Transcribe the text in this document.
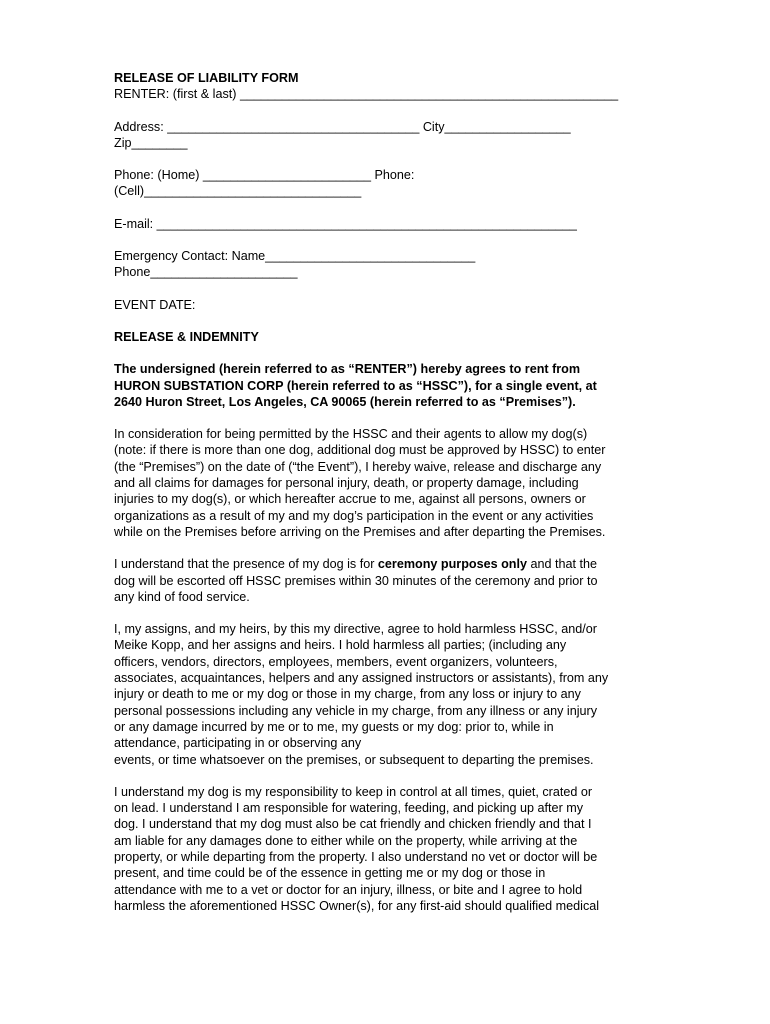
RELEASE OF LIABILITY FORM
RENTER: (first & last) ______________________________________________________
Address: ____________________________________ City__________________
Zip________
Phone: (Home) ________________________ Phone:
(Cell)_______________________________
E-mail: ____________________________________________________________
Emergency Contact: Name______________________________
Phone_____________________
EVENT DATE:
RELEASE & INDEMNITY

The undersigned (herein referred to as “RENTER”) hereby agrees to rent from

HURON SUBSTATION CORP (herein referred to as “HSSC”), for a single event, at

2640 Huron Street, Los Angeles, CA 90065 (herein referred to as “Premises”).

In consideration for being permitted by the HSSC and their agents to allow my dog(s)

(note: if there is more than one dog, additional dog must be approved by HSSC) to enter

(the “Premises”) on the date of (“the Event”), I hereby waive, release and discharge any

and all claims for damages for personal injury, death, or property damage, including

injuries to my dog(s), or which hereafter accrue to me, against all persons, owners or

organizations as a result of my and my dog’s participation in the event or any activities

while on the Premises before arriving on the Premises and after departing the Premises.

I understand that the presence of my dog is for ceremony purposes only and that the

dog will be escorted off HSSC premises within 30 minutes of the ceremony and prior to

any kind of food service.

I, my assigns, and my heirs, by this my directive, agree to hold harmless HSSC, and/or

Meike Kopp, and her assigns and heirs. I hold harmless all parties; (including any

officers, vendors, directors, employees, members, event organizers, volunteers,

associates, acquaintances, helpers and any assigned instructors or assistants), from any

injury or death to me or my dog or those in my charge, from any loss or injury to any

personal possessions including any vehicle in my charge, from any illness or any injury

or any damage incurred by me or to me, my guests or my dog: prior to, while in

attendance, participating in or observing any

events, or time whatsoever on the premises, or subsequent to departing the premises.

I understand my dog is my responsibility to keep in control at all times, quiet, crated or

on lead. I understand I am responsible for watering, feeding, and picking up after my

dog. I understand that my dog must also be cat friendly and chicken friendly and that I

am liable for any damages done to either while on the property, while arriving at the

property, or while departing from the property. I also understand no vet or doctor will be

present, and time could be of the essence in getting me or my dog or those in

attendance with me to a vet or doctor for an injury, illness, or bite and I agree to hold

harmless the aforementioned HSSC Owner(s), for any first-aid should qualified medical
